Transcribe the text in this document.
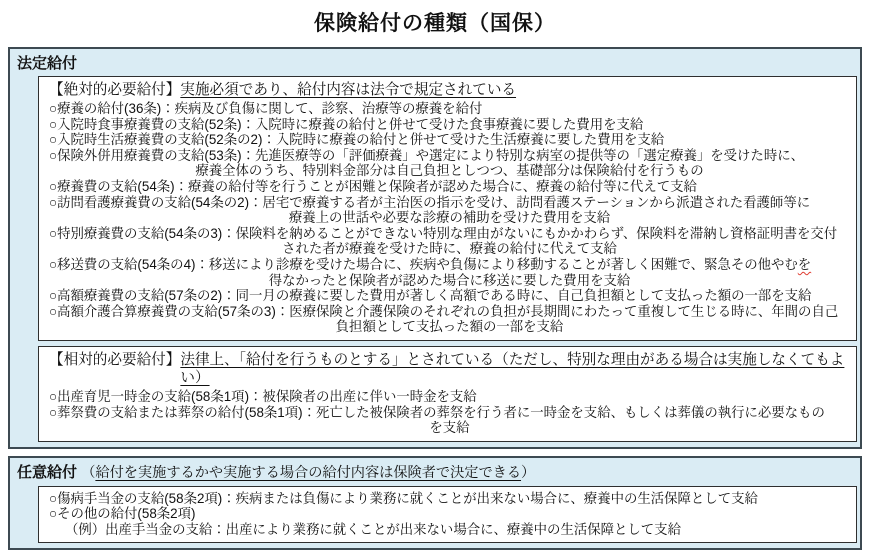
保険給付の種類（国保）
法定給付
【絶対的必要給付】 実施必須であり、給付内容は法令で規定されている
○療養の給付(36条)：疾病及び負傷に関して、診察、治療等の療養を給付
○入院時食事療養費の支給(52条)：入院時に療養の給付と併せて受けた食事療養に要した費用を支給
○入院時生活療養費の支給(52条の2)：入院時に療養の給付と併せて受けた生活療養に要した費用を支給
○保険外併用療養費の支給(53条)：先進医療等の「評価療養」や選定により特別な病室の提供等の「選定療養」を受けた時に、
療養全体のうち、特別料金部分は自己負担としつつ、基礎部分は保険給付を行うもの
○療養費の支給(54条)：療養の給付等を行うことが困難と保険者が認めた場合に、療養の給付等に代えて支給
○訪問看護療養費の支給(54条の2)：居宅で療養する者が主治医の指示を受け、訪問看護ステーションから派遣された看護師等に
療養上の世話や必要な診療の補助を受けた費用を支給
○特別療養費の支給(54条の3)：保険料を納めることができない特別な理由がないにもかかわらず、保険料を滞納し資格証明書を交付
された者が療養を受けた時に、療養の給付に代えて支給
○移送費の支給(54条の4)：移送により診療を受けた場合に、疾病や負傷により移動することが著しく困難で、緊急その他やむを
得なかったと保険者が認めた場合に移送に要した費用を支給
○高額療養費の支給(57条の2)：同一月の療養に要した費用が著しく高額である時に、自己負担額として支払った額の一部を支給
○高額介護合算療養費の支給(57条の3)：医療保険と介護保険のそれぞれの負担が長期間にわたって重複して生じる時に、年間の自己
負担額として支払った額の一部を支給
【相対的必要給付】 法律上、「給付を行うものとする」とされている（ただし、特別な理由がある場合は実施しなくてもよい）
○出産育児一時金の支給(58条1項)：被保険者の出産に伴い一時金を支給
○葬祭費の支給または葬祭の給付(58条1項)：死亡した被保険者の葬祭を行う者に一時金を支給、もしくは葬儀の執行に必要なもの
を支給
任意給付 （給付を実施するかや実施する場合の給付内容は保険者で決定できる）
○傷病手当金の支給(58条2項)：疾病または負傷により業務に就くことが出来ない場合に、療養中の生活保障として支給
○その他の給付(58条2項)
（例）出産手当金の支給：出産により業務に就くことが出来ない場合に、療養中の生活保障として支給
